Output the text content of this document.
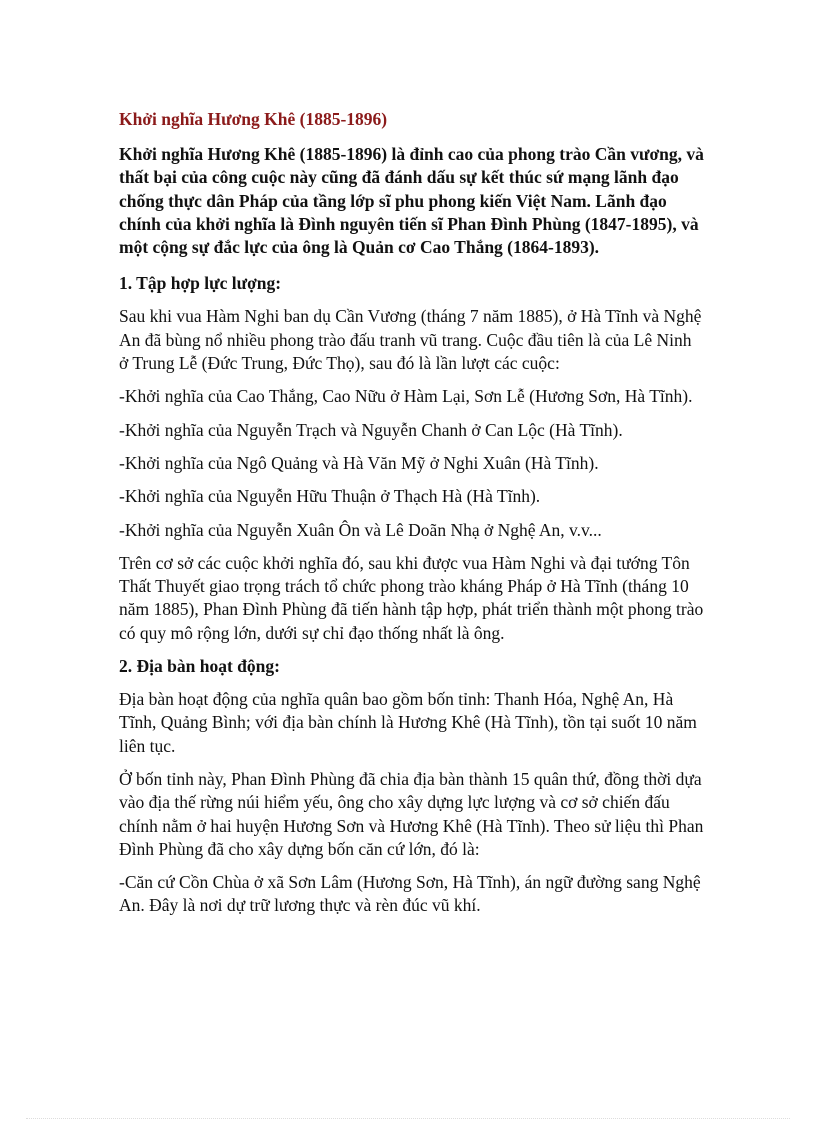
Khởi nghĩa Hương Khê (1885-1896)
Khởi nghĩa Hương Khê (1885-1896) là đỉnh cao của phong trào Cần vương, và thất bại của công cuộc này cũng đã đánh dấu sự kết thúc sứ mạng lãnh đạo chống thực dân Pháp của tầng lớp sĩ phu phong kiến Việt Nam. Lãnh đạo chính của khởi nghĩa là Đình nguyên tiến sĩ Phan Đình Phùng (1847-1895), và một cộng sự đắc lực của ông là Quản cơ Cao Thắng (1864-1893).
1. Tập hợp lực lượng:
Sau khi vua Hàm Nghi ban dụ Cần Vương (tháng 7 năm 1885), ở Hà Tĩnh và Nghệ An đã bùng nổ nhiều phong trào đấu tranh vũ trang. Cuộc đầu tiên là của Lê Ninh ở Trung Lễ (Đức Trung, Đức Thọ), sau đó là lần lượt các cuộc:
-Khởi nghĩa của Cao Thắng, Cao Nữu ở Hàm Lại, Sơn Lễ (Hương Sơn, Hà Tĩnh).
-Khởi nghĩa của Nguyễn Trạch và Nguyễn Chanh ở Can Lộc (Hà Tĩnh).
-Khởi nghĩa của Ngô Quảng và Hà Văn Mỹ ở Nghi Xuân (Hà Tĩnh).
-Khởi nghĩa của Nguyễn Hữu Thuận ở Thạch Hà (Hà Tĩnh).
-Khởi nghĩa của Nguyễn Xuân Ôn và Lê Doãn Nhạ ở Nghệ An, v.v...
Trên cơ sở các cuộc khởi nghĩa đó, sau khi được vua Hàm Nghi và đại tướng Tôn Thất Thuyết giao trọng trách tổ chức phong trào kháng Pháp ở Hà Tĩnh (tháng 10 năm 1885), Phan Đình Phùng đã tiến hành tập hợp, phát triển thành một phong trào có quy mô rộng lớn, dưới sự chỉ đạo thống nhất là ông.
2. Địa bàn hoạt động:
Địa bàn hoạt động của nghĩa quân bao gồm bốn tỉnh: Thanh Hóa, Nghệ An, Hà Tĩnh, Quảng Bình; với địa bàn chính là Hương Khê (Hà Tĩnh), tồn tại suốt 10 năm liên tục.
Ở bốn tỉnh này, Phan Đình Phùng đã chia địa bàn thành 15 quân thứ, đồng thời dựa vào địa thế rừng núi hiểm yếu, ông cho xây dựng lực lượng và cơ sở chiến đấu chính nằm ở hai huyện Hương Sơn và Hương Khê (Hà Tĩnh). Theo sử liệu thì Phan Đình Phùng đã cho xây dựng bốn căn cứ lớn, đó là:
-Căn cứ Cồn Chùa ở xã Sơn Lâm (Hương Sơn, Hà Tĩnh), án ngữ đường sang Nghệ An. Đây là nơi dự trữ lương thực và rèn đúc vũ khí.
